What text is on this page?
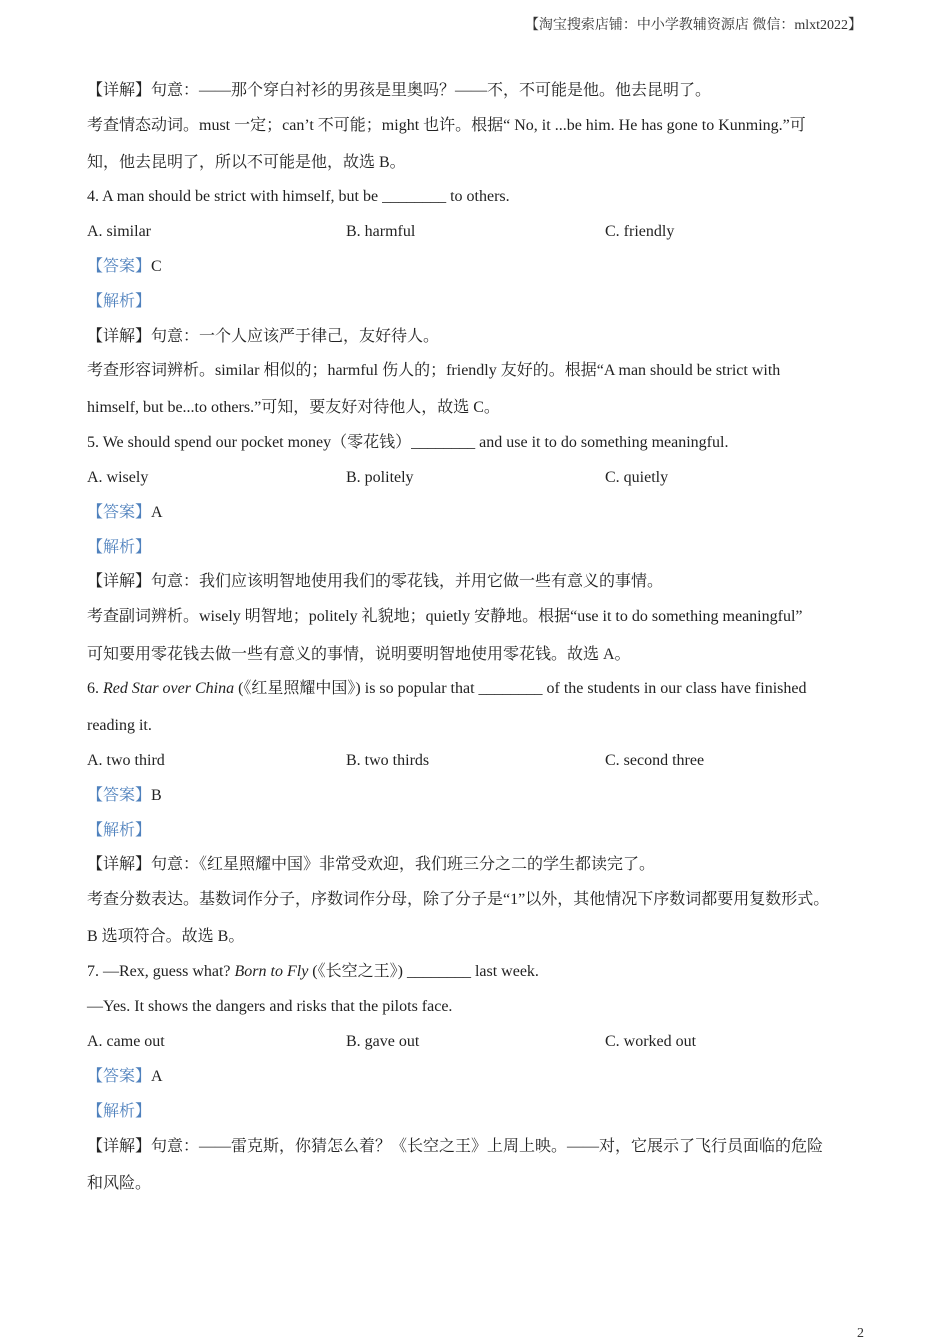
【淘宝搜索店铺：中小学教辅资源店 微信：mlxt2022】
【详解】句意：——那个穿白衬衫的男孩是里奥吗？——不，不可能是他。他去昆明了。
考查情态动词。must 一定；can’t 不可能；might 也许。根据“ No, it ...be him. He has gone to Kunming.”可
知，他去昆明了，所以不可能是他，故选 B。
4. A man should be strict with himself, but be ________ to others.
A. similar	B. harmful	C. friendly
【答案】C
【解析】
【详解】句意：一个人应该严于律己，友好待人。
考查形容词辨析。similar 相似的；harmful 伤人的；friendly 友好的。根据“A man should be strict with
himself, but be...to others.”可知，要友好对待他人，故选 C。
5. We should spend our pocket money（零花钱）________ and use it to do something meaningful.
A. wisely	B. politely	C. quietly
【答案】A
【解析】
【详解】句意：我们应该明智地使用我们的零花钱，并用它做一些有意义的事情。
考查副词辨析。wisely 明智地；politely 礼貌地；quietly 安静地。根据“use it to do something meaningful”
可知要用零花钱去做一些有意义的事情，说明要明智地使用零花钱。故选 A。
6. Red Star over China (《红星照耀中国》) is so popular that ________ of the students in our class have finished
reading it.
A. two third	B. two thirds	C. second three
【答案】B
【解析】
【详解】句意：《红星照耀中国》非常受欢迎，我们班三分之二的学生都读完了。
考查分数表达。基数词作分子，序数词作分母，除了分子是“1”以外，其他情况下序数词都要用复数形式。
B 选项符合。故选 B。
7. —Rex, guess what? Born to Fly (《长空之王》) ________ last week.
—Yes. It shows the dangers and risks that the pilots face.
A. came out	B. gave out	C. worked out
【答案】A
【解析】
【详解】句意：——雷克斯，你猜怎么着？《长空之王》上周上映。——对，它展示了飞行员面临的危险
和风险。
2
